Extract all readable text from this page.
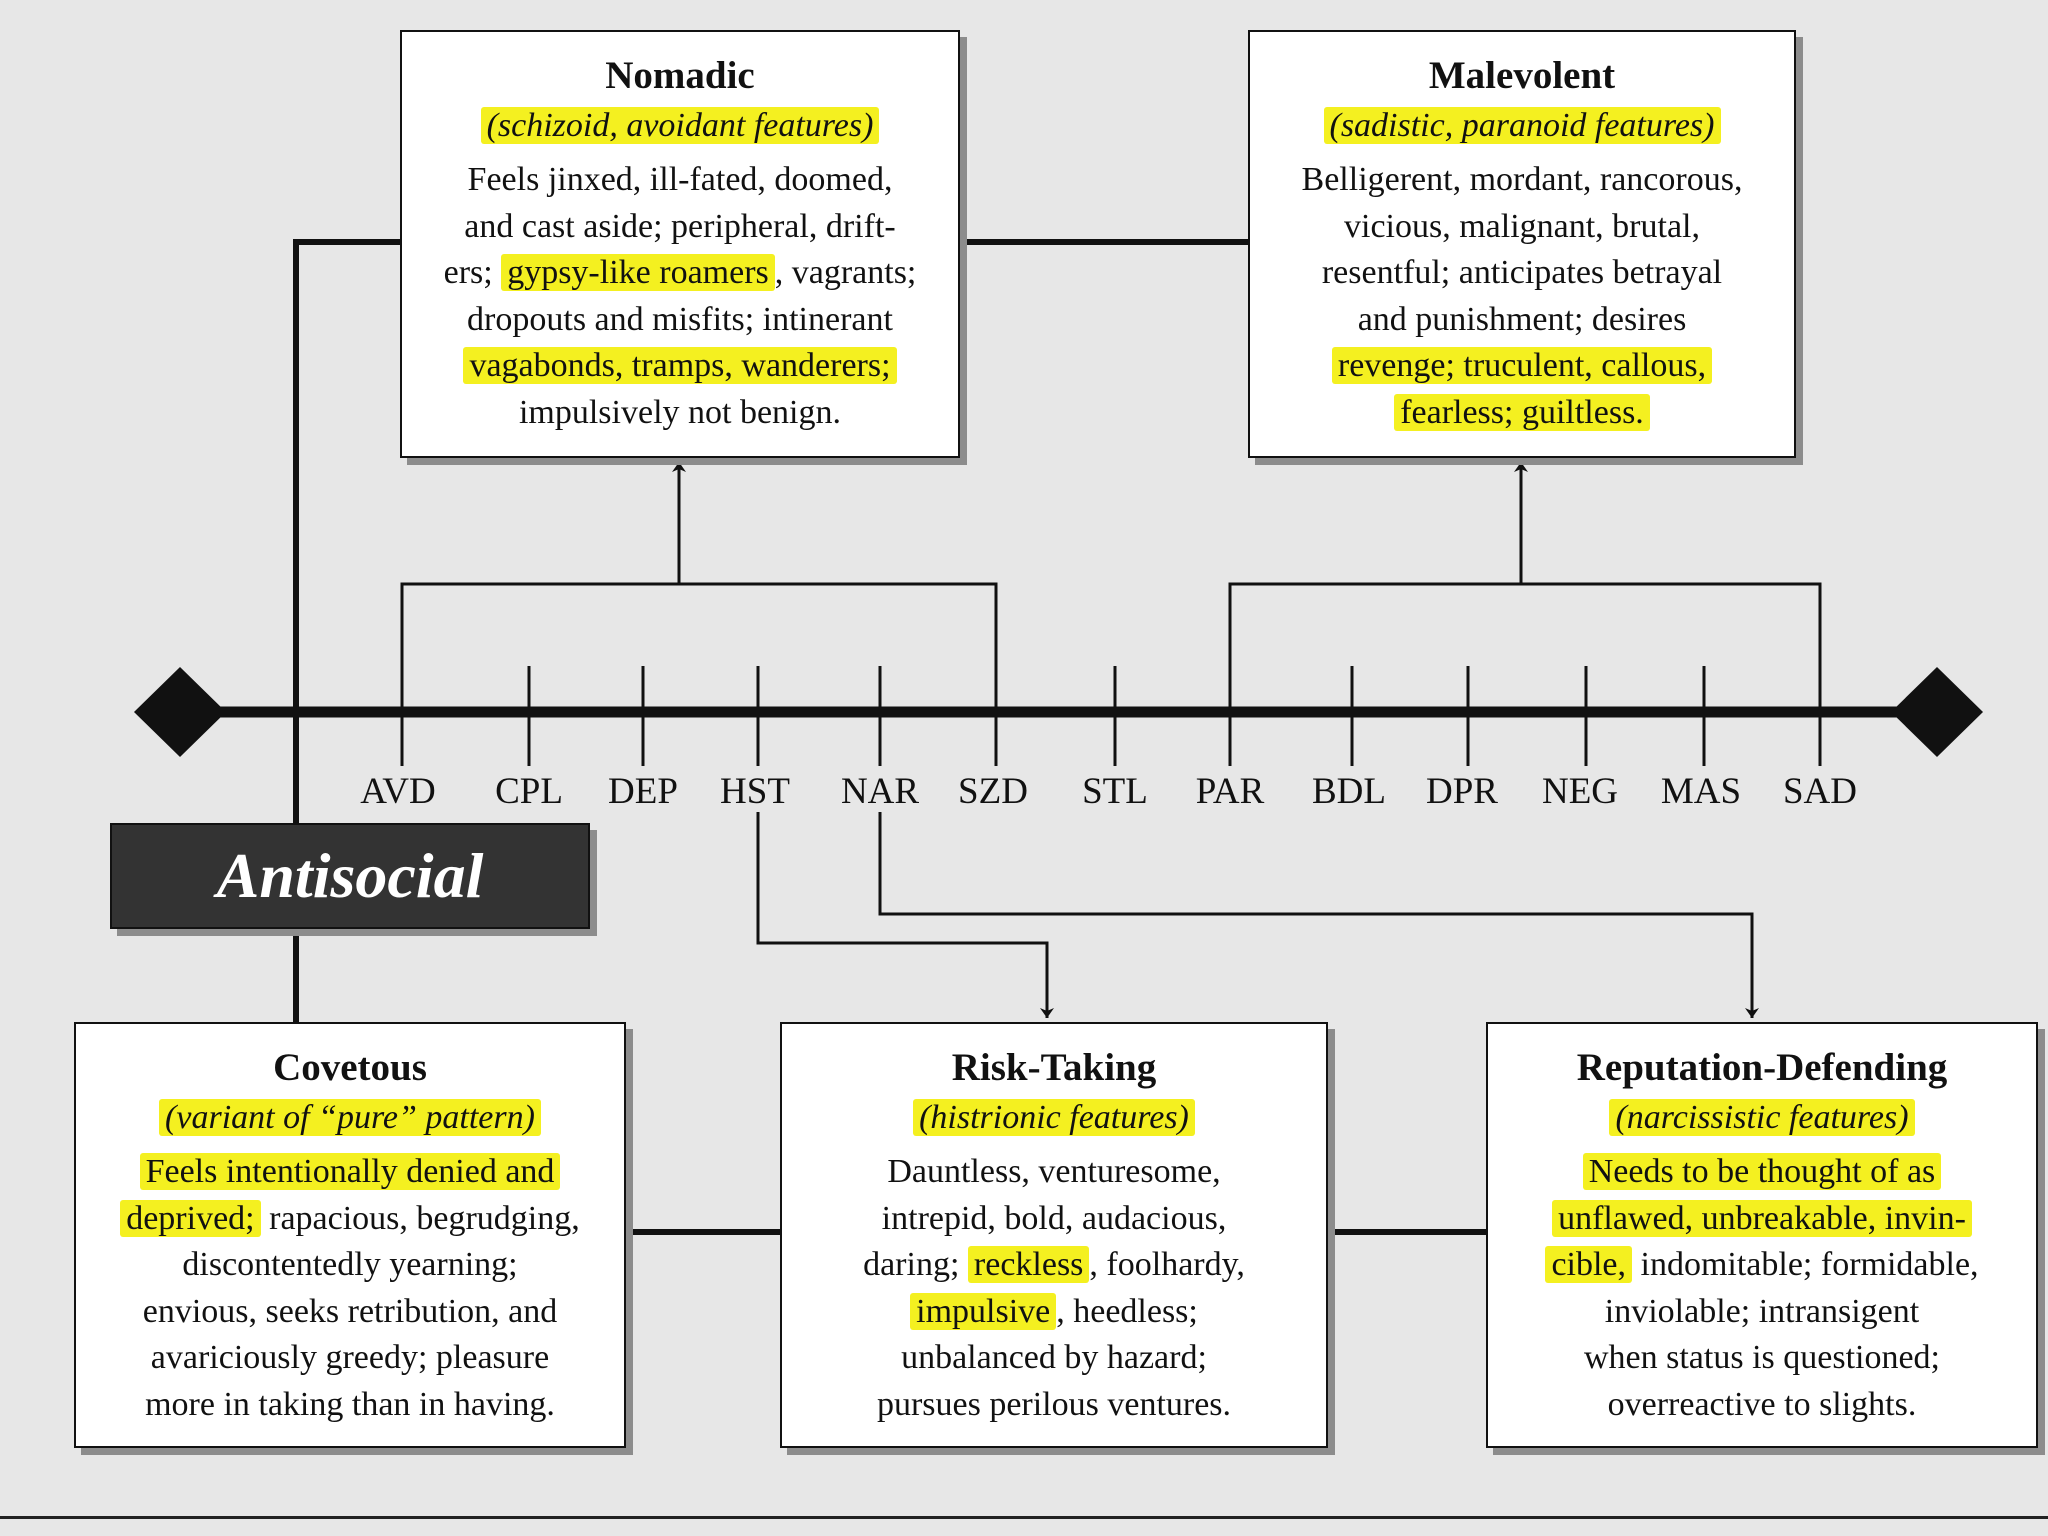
AVD	CPL	DEP	HST	NAR	SZD	STL	PAR	BDL	DPR	NEG	MAS	SAD
Antisocial
Nomadic
(schizoid, avoidant features)
Feels jinxed, ill-fated, doomed,
and cast aside; peripheral, drift-
ers; gypsy-like roamers , vagrants;
dropouts and misfits; intinerant
vagabonds, tramps, wanderers;
impulsively not benign.
Malevolent
(sadistic, paranoid features)
Belligerent, mordant, rancorous,
vicious, malignant, brutal,
resentful; anticipates betrayal
and punishment; desires
revenge; truculent, callous,
fearless; guiltless.
Covetous
(variant of “pure” pattern)
Feels intentionally denied and
deprived; rapacious, begrudging,
discontentedly yearning;
envious, seeks retribution, and
avariciously greedy; pleasure
more in taking than in having.
Risk-Taking
(histrionic features)
Dauntless, venturesome,
intrepid, bold, audacious,
daring; reckless , foolhardy,
impulsive , heedless;
unbalanced by hazard;
pursues perilous ventures.
Reputation-Defending
(narcissistic features)
Needs to be thought of as
unflawed, unbreakable, invin-
cible, indomitable; formidable,
inviolable; intransigent
when status is questioned;
overreactive to slights.
